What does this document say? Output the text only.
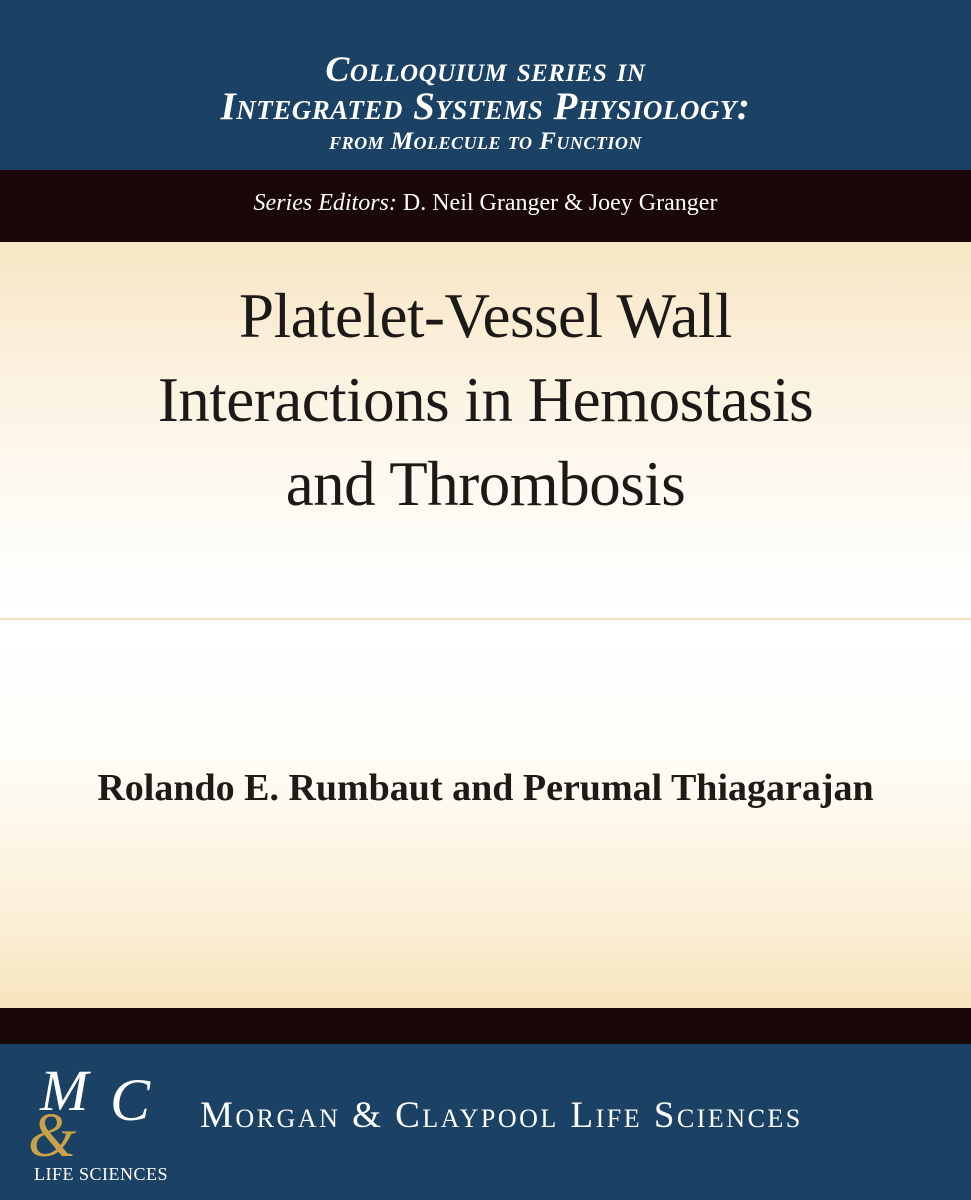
Colloquium series in
Integrated Systems Physiology:
from Molecule to Function
Series Editors: D. Neil Granger & Joey Granger
Platelet-Vessel Wall
Interactions in Hemostasis
and Thrombosis
Rolando E. Rumbaut and Perumal Thiagarajan
M C
&
LIFE SCIENCES
Morgan & Claypool Life Sciences
